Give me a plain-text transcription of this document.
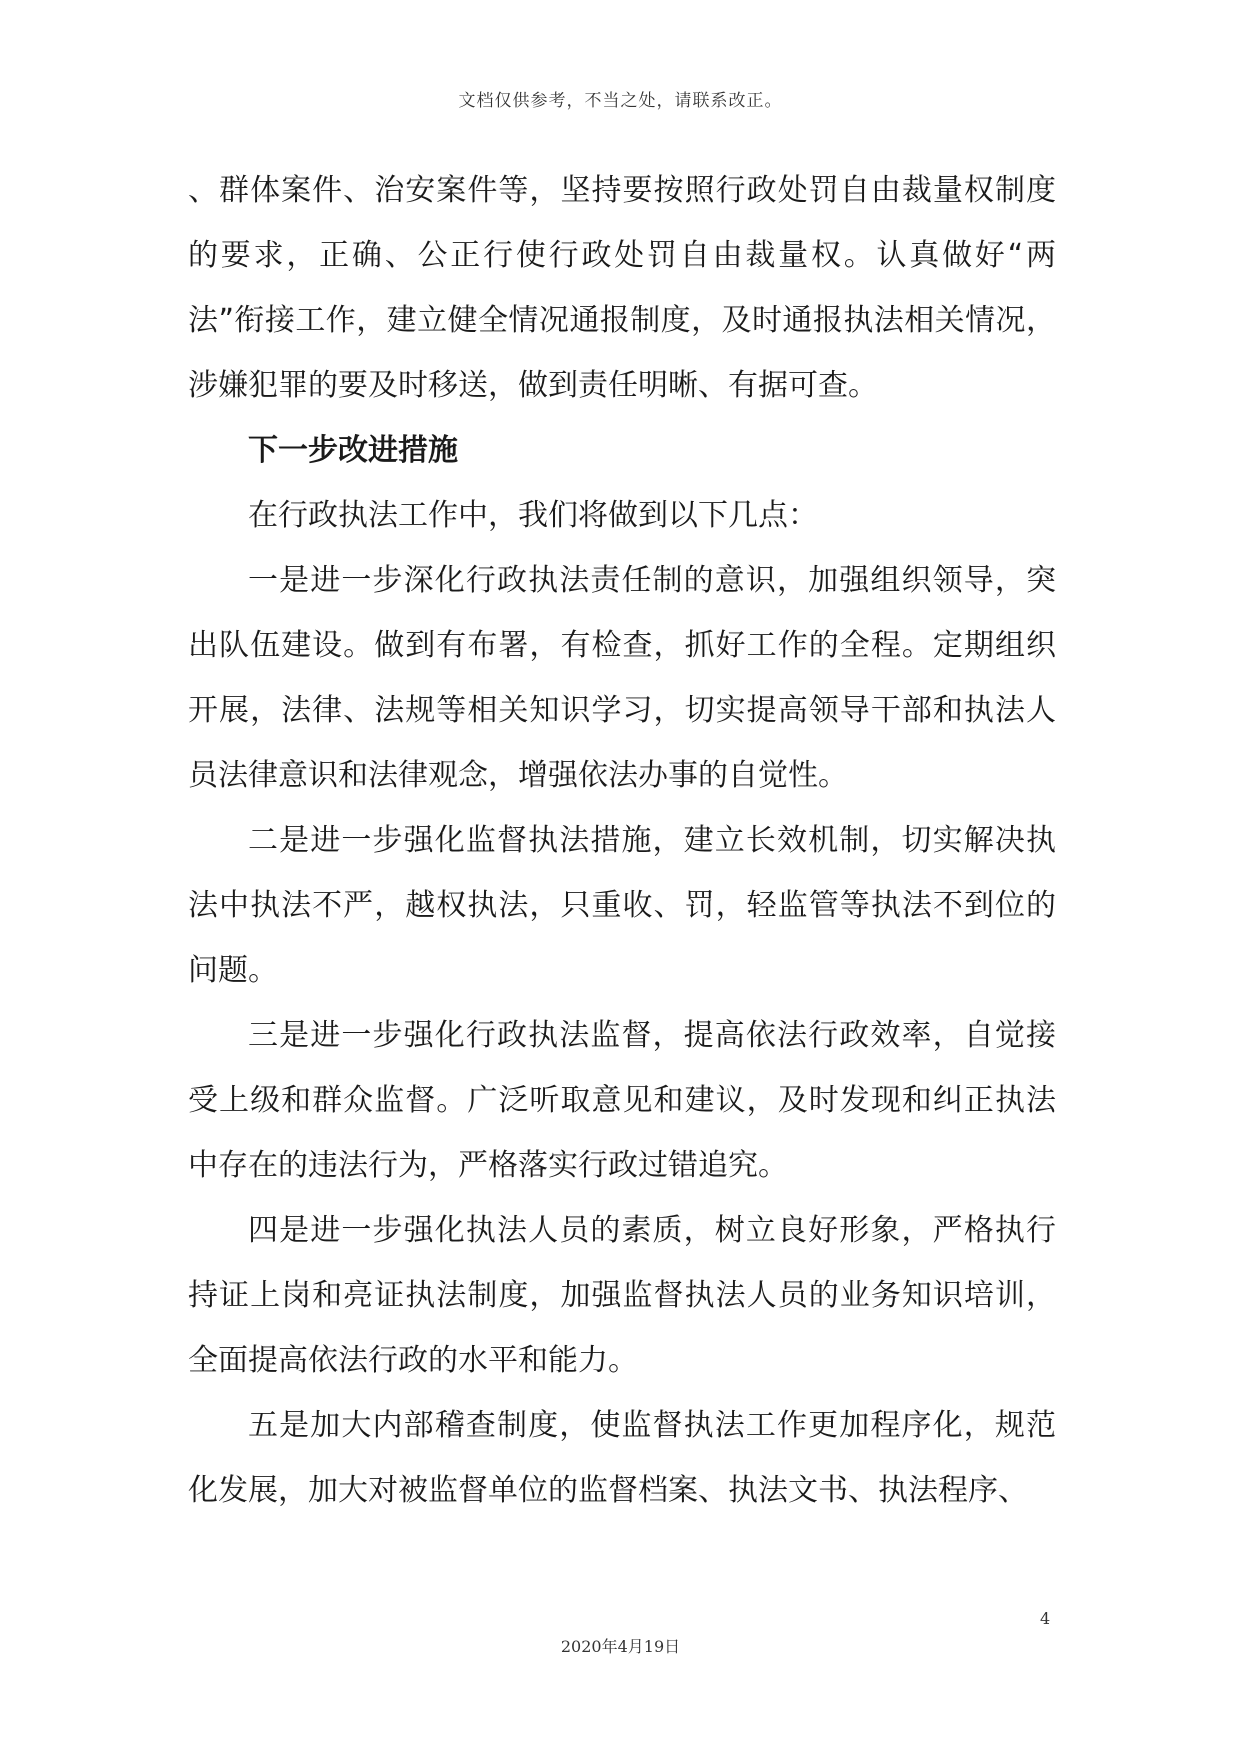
文档仅供参考，不当之处，请联系改正。

、群体案件、治安案件等，坚持要按照行政处罚自由裁量权制度的要求，正确、公正行使行政处罚自由裁量权。认真做好“两法”衔接工作，建立健全情况通报制度，及时通报执法相关情况，涉嫌犯罪的要及时移送，做到责任明晰、有据可查。

下一步改进措施

在行政执法工作中，我们将做到以下几点：

一是进一步深化行政执法责任制的意识，加强组织领导，突出队伍建设。做到有布署，有检查，抓好工作的全程。定期组织开展，法律、法规等相关知识学习，切实提高领导干部和执法人员法律意识和法律观念，增强依法办事的自觉性。

二是进一步强化监督执法措施，建立长效机制，切实解决执法中执法不严，越权执法，只重收、罚，轻监管等执法不到位的问题。

三是进一步强化行政执法监督，提高依法行政效率，自觉接受上级和群众监督。广泛听取意见和建议，及时发现和纠正执法中存在的违法行为，严格落实行政过错追究。

四是进一步强化执法人员的素质，树立良好形象，严格执行持证上岗和亮证执法制度，加强监督执法人员的业务知识培训，全面提高依法行政的水平和能力。

五是加大内部稽查制度，使监督执法工作更加程序化，规范化发展，加大对被监督单位的监督档案、执法文书、执法程序、

4
2020年4月19日
